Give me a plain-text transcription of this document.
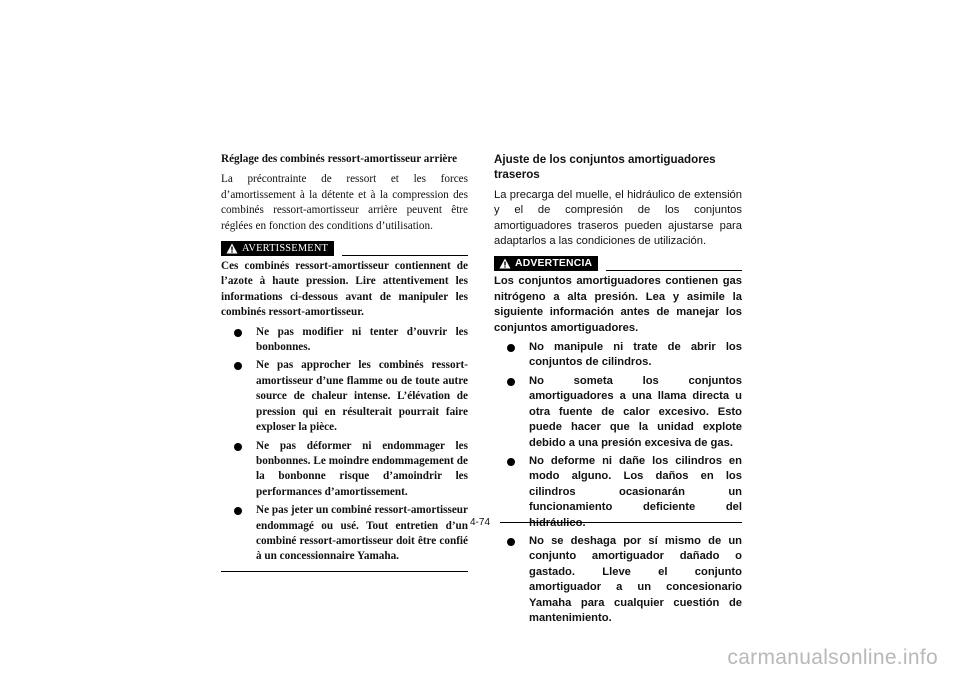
Réglage des combinés ressort-amortisseur arrière

La précontrainte de ressort et les forces d’amortissement à la détente et à la compression des combinés ressort-amortisseur arrière peuvent être réglées en fonction des conditions d’utilisation.

AVERTISSEMENT

Ces combinés ressort-amortisseur contiennent de l’azote à haute pression. Lire attentivement les informations ci-dessous avant de manipuler les combinés ressort-amortisseur.

Ne pas modifier ni tenter d’ouvrir les bonbonnes.
Ne pas approcher les combinés ressort-amortisseur d’une flamme ou de toute autre source de chaleur intense. L’élévation de pression qui en résulterait pourrait faire exploser la pièce.
Ne pas déformer ni endommager les bonbonnes. Le moindre endommagement de la bonbonne risque d’amoindrir les performances d’amortissement.
Ne pas jeter un combiné ressort-amortisseur endommagé ou usé. Tout entretien d’un combiné ressort-amortisseur doit être confié à un concessionnaire Yamaha.

Ajuste de los conjuntos amortiguadores traseros

La precarga del muelle, el hidráulico de extensión y el de compresión de los conjuntos amortiguadores traseros pueden ajustarse para adaptarlos a las condiciones de utilización.

ADVERTENCIA

Los conjuntos amortiguadores contienen gas nitrógeno a alta presión. Lea y asimile la siguiente información antes de manejar los conjuntos amortiguadores.

No manipule ni trate de abrir los conjuntos de cilindros.
No someta los conjuntos amortiguadores a una llama directa u otra fuente de calor excesivo. Esto puede hacer que la unidad explote debido a una presión excesiva de gas.
No deforme ni dañe los cilindros en modo alguno. Los daños en los cilindros ocasionarán un funcionamiento deficiente del hidráulico.
No se deshaga por sí mismo de un conjunto amortiguador dañado o gastado. Lleve el conjunto amortiguador a un concesionario Yamaha para cualquier cuestión de mantenimiento.
4-74
carmanualsonline.info
